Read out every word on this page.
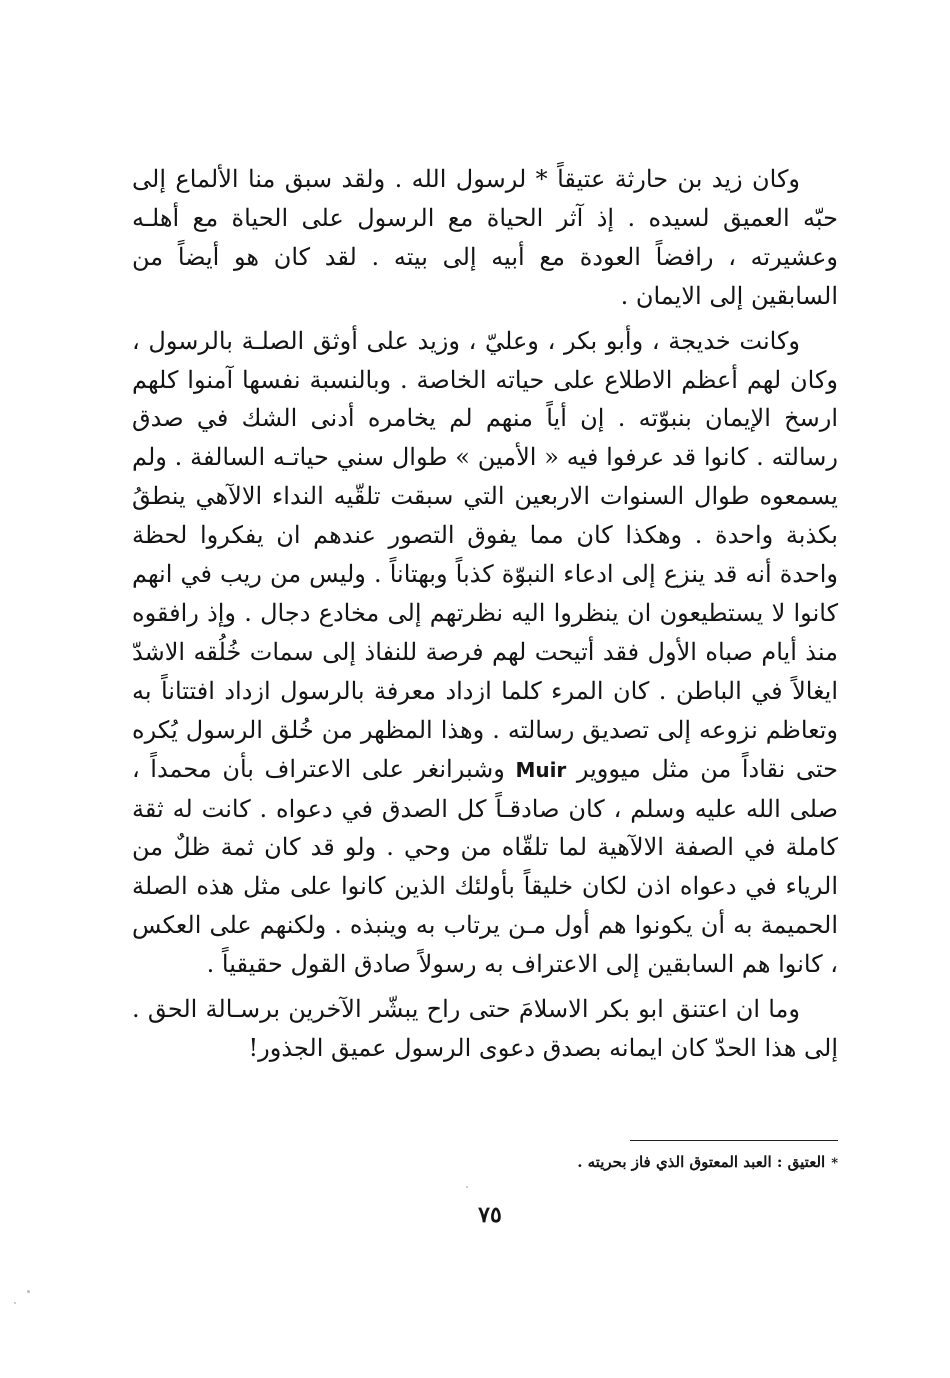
وكان زيد بن حارثة عتيقاً * لرسول الله . ولقد سبق منا الألماع إلى حبّه العميق لسيده . إذ آثر الحياة مع الرسول على الحياة مع أهلـه وعشيرته ، رافضاً العودة مع أبيه إلى بيته . لقد كان هو أيضاً من السابقين إلى الايمان .

وكانت خديجة ، وأبو بكر ، وعليّ ، وزيد على أوثق الصلـة بالرسول ، وكان لهم أعظم الاطلاع على حياته الخاصة . وبالنسبة نفسها آمنوا كلهم ارسخ الإيمان بنبوّته . إن أياً منهم لم يخامره أدنى الشك في صدق رسالته . كانوا قد عرفوا فيه « الأمين » طوال سني حياتـه السالفة . ولم يسمعوه طوال السنوات الاربعين التي سبقت تلقّيه النداء الالآهي ينطقُ بكذبة واحدة . وهكذا كان مما يفوق التصور عندهم ان يفكروا لحظة واحدة أنه قد ينزع إلى ادعاء النبوّة كذباً وبهتاناً . وليس من ريب في انهم كانوا لا يستطيعون ان ينظروا اليه نظرتهم إلى مخادع دجال . وإذ رافقوه منذ أيام صباه الأول فقد أتيحت لهم فرصة للنفاذ إلى سمات خُلُقه الاشدّ ايغالاً في الباطن . كان المرء كلما ازداد معرفة بالرسول ازداد افتتاناً به وتعاظم نزوعه إلى تصديق رسالته . وهذا المظهر من خُلق الرسول يُكره حتى نقاداً من مثل ميووير Muir وشبرانغر على الاعتراف بأن محمداً ، صلى الله عليه وسلم ، كان صادقـاً كل الصدق في دعواه . كانت له ثقة كاملة في الصفة الالآهية لما تلقّاه من وحي . ولو قد كان ثمة ظلٌ من الرياء في دعواه اذن لكان خليقاً بأولئك الذين كانوا على مثل هذه الصلة الحميمة به أن يكونوا هم أول مـن يرتاب به وينبذه . ولكنهم على العكس ، كانوا هم السابقين إلى الاعتراف به رسولاً صادق القول حقيقياً .

وما ان اعتنق ابو بكر الاسلامَ حتى راح يبشّر الآخرين برسـالة الحق . إلى هذا الحدّ كان ايمانه بصدق دعوى الرسول عميق الجذور!

*العتيق : العبد المعتوق الذي فاز بحريته .
٧٥
